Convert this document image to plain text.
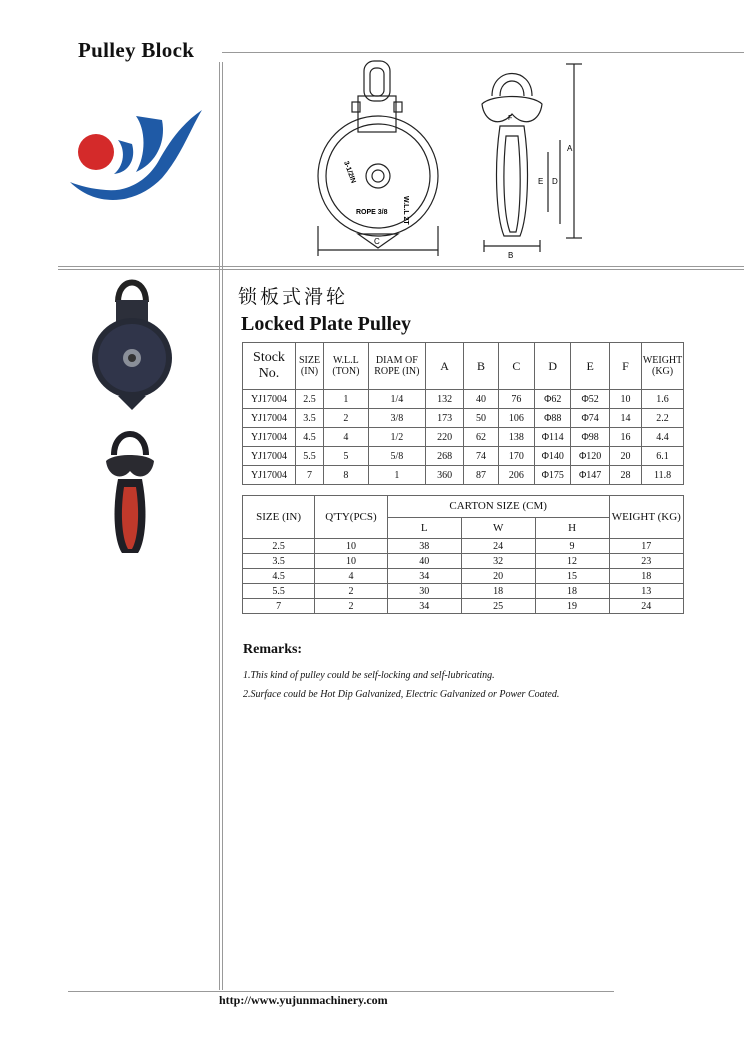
Pulley Block
C
ROPE 3/8 W.L.L 2T
3-1/2IN
A
B
D
E
F
锁板式滑轮
Locked Plate Pulley
Stock No.	SIZE (IN)	W.L.L (TON)	DIAM OF ROPE (IN)	A	B	C	D	E	F	WEIGHT (KG)
YJ17004	2.5	1	1/4	132	40	76	Φ62	Φ52	10	1.6
YJ17004	3.5	2	3/8	173	50	106	Φ88	Φ74	14	2.2
YJ17004	4.5	4	1/2	220	62	138	Φ114	Φ98	16	4.4
YJ17004	5.5	5	5/8	268	74	170	Φ140	Φ120	20	6.1
YJ17004	7	8	1	360	87	206	Φ175	Φ147	28	11.8
SIZE (IN)	Q'TY(PCS)	CARTON SIZE (CM)			WEIGHT (KG)
		L	W	H	
2.5	10	38	24	9	17
3.5	10	40	32	12	23
4.5	4	34	20	15	18
5.5	2	30	18	18	13
7	2	34	25	19	24
Remarks:
1.This kind of pulley could be self-locking and self-lubricating.
2.Surface could be Hot Dip Galvanized, Electric Galvanized or Power Coated.
http://www.yujunmachinery.com
